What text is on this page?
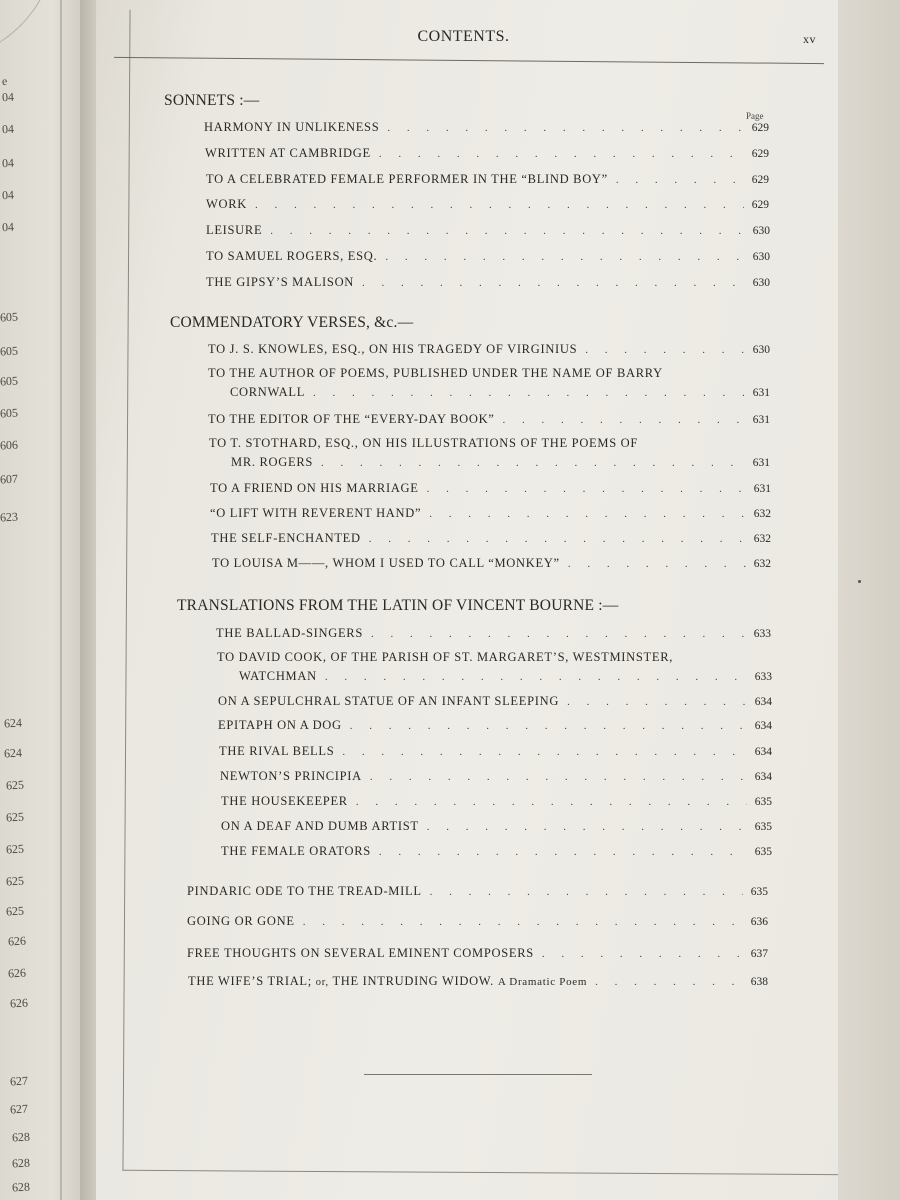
e
04
04
04
04
04
605
605
605
605
606
607
623
624
624
625
625
625
625
625
626
626
626
627
627
628
628
628
CONTENTS.	xv
SONNETS :—
Page
HARMONY IN UNLIKENESS . . .	629
WRITTEN AT CAMBRIDGE . . .	629
TO A CELEBRATED FEMALE PERFORMER IN THE “BLIND BOY” . . .	629
WORK . . .	629
LEISURE . . .	630
TO SAMUEL ROGERS, ESQ. . . .	630
THE GIPSY’S MALISON . . .	630
COMMENDATORY VERSES, &c.—
TO J. S. KNOWLES, ESQ., ON HIS TRAGEDY OF VIRGINIUS . . .	630
TO THE AUTHOR OF POEMS, PUBLISHED UNDER THE NAME OF BARRY
CORNWALL . . .	631
TO THE EDITOR OF THE “EVERY-DAY BOOK” . . .	631
TO T. STOTHARD, ESQ., ON HIS ILLUSTRATIONS OF THE POEMS OF
MR. ROGERS . . .	631
TO A FRIEND ON HIS MARRIAGE . . .	631
“O LIFT WITH REVERENT HAND” . . .	632
THE SELF-ENCHANTED . . .	632
TO LOUISA M——, WHOM I USED TO CALL “MONKEY” . . .	632
TRANSLATIONS FROM THE LATIN OF VINCENT BOURNE :—
THE BALLAD-SINGERS . . .	633
TO DAVID COOK, OF THE PARISH OF ST. MARGARET’S, WESTMINSTER,
WATCHMAN . . .	633
ON A SEPULCHRAL STATUE OF AN INFANT SLEEPING . . .	634
EPITAPH ON A DOG . . .	634
THE RIVAL BELLS . . .	634
NEWTON’S PRINCIPIA . . .	634
THE HOUSEKEEPER . . .	635
ON A DEAF AND DUMB ARTIST . . .	635
THE FEMALE ORATORS . . .	635
PINDARIC ODE TO THE TREAD-MILL . . .	635
GOING OR GONE . . .	636
FREE THOUGHTS ON SEVERAL EMINENT COMPOSERS . . .	637
THE WIFE’S TRIAL; or, THE INTRUDING WIDOW. A Dramatic Poem . . .	638
